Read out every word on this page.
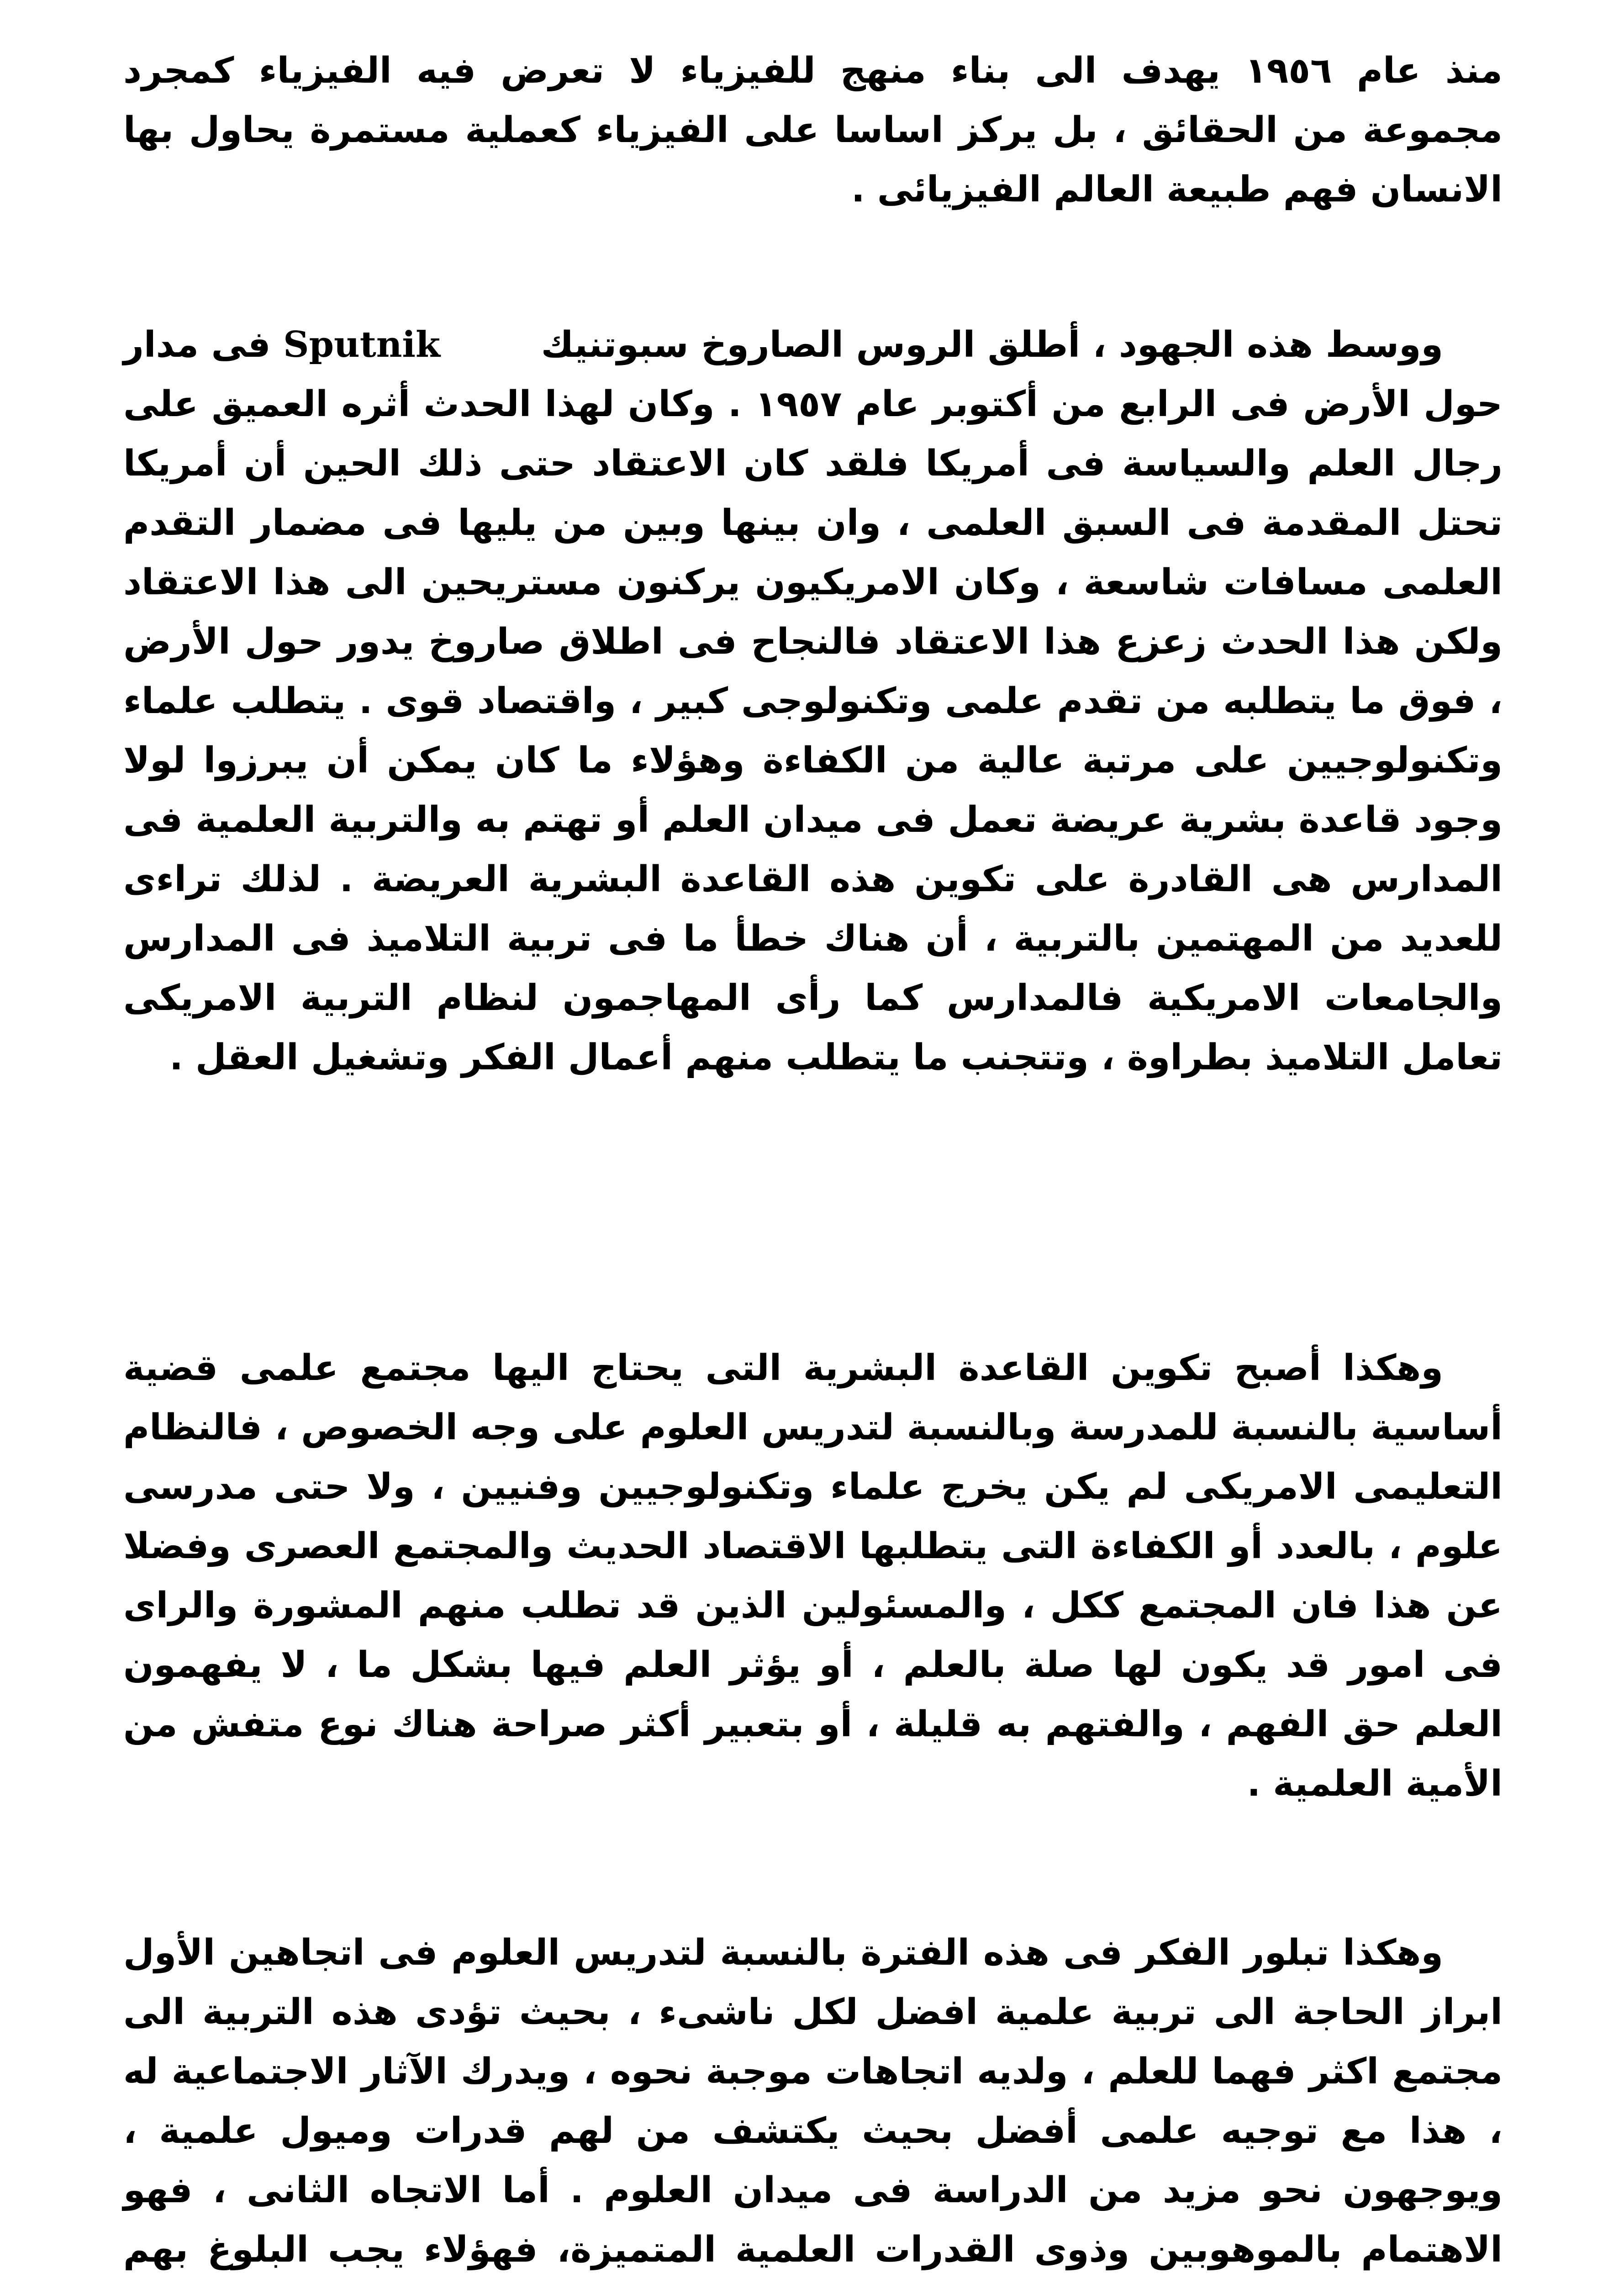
منذ عام ١٩٥٦ يهدف الى بناء منهج للفيزياء لا تعرض فيه الفيزياء كمجرد مجموعة من الحقائق ، بل يركز اساسا على الفيزياء كعملية مستمرة يحاول بها الانسان فهم طبيعة العالم الفيزيائى .

ووسط هذه الجهود ، أطلق الروس الصاروخ سبوتنيك        Sputnik فى مدار حول الأرض فى الرابع من أكتوبر عام ١٩٥٧ . وكان لهذا الحدث أثره العميق على رجال العلم والسياسة فى أمريكا فلقد كان الاعتقاد حتى ذلك الحين أن أمريكا تحتل المقدمة فى السبق العلمى ، وان بينها وبين من يليها فى مضمار التقدم العلمى مسافات شاسعة ، وكان الامريكيون يركنون مستريحين الى هذا الاعتقاد ولكن هذا الحدث زعزع هذا الاعتقاد فالنجاح فى اطلاق صاروخ يدور حول الأرض ، فوق ما يتطلبه من تقدم علمى وتكنولوجى كبير ، واقتصاد قوى . يتطلب علماء وتكنولوجيين على مرتبة عالية من الكفاءة وهؤلاء ما كان يمكن أن يبرزوا لولا وجود قاعدة بشرية عريضة تعمل فى ميدان العلم أو تهتم به والتربية العلمية فى المدارس هى القادرة على تكوين هذه القاعدة البشرية العريضة . لذلك تراءى للعديد من المهتمين بالتربية ، أن هناك خطأ ما فى تربية التلاميذ فى المدارس والجامعات الامريكية فالمدارس كما رأى المهاجمون لنظام التربية الامريكى تعامل التلاميذ بطراوة ، وتتجنب ما يتطلب منهم أعمال الفكر وتشغيل العقل .

وهكذا أصبح تكوين القاعدة البشرية التى يحتاج اليها مجتمع علمى قضية أساسية بالنسبة للمدرسة وبالنسبة لتدريس العلوم على وجه الخصوص ، فالنظام التعليمى الامريكى لم يكن يخرج علماء وتكنولوجيين وفنيين ، ولا حتى مدرسى علوم ، بالعدد أو الكفاءة التى يتطلبها الاقتصاد الحديث والمجتمع العصرى وفضلا عن هذا فان المجتمع ككل ، والمسئولين الذين قد تطلب منهم المشورة والراى فى امور قد يكون لها صلة بالعلم ، أو يؤثر العلم فيها بشكل ما ، لا يفهمون العلم حق الفهم ، والفتهم به قليلة ، أو بتعبير أكثر صراحة هناك نوع متفش من الأمية العلمية .

وهكذا تبلور الفكر فى هذه الفترة بالنسبة لتدريس العلوم فى اتجاهين الأول ابراز الحاجة الى تربية علمية افضل لكل ناشىء ، بحيث تؤدى هذه التربية الى مجتمع اكثر فهما للعلم ، ولديه اتجاهات موجبة نحوه ، ويدرك الآثار الاجتماعية له ، هذا مع توجيه علمى أفضل بحيث يكتشف من لهم قدرات وميول علمية ، ويوجهون نحو مزيد من الدراسة فى ميدان العلوم . أما الاتجاه الثانى ، فهو الاهتمام بالموهوبين وذوى القدرات العلمية المتميزة، فهؤلاء يجب البلوغ بهم
